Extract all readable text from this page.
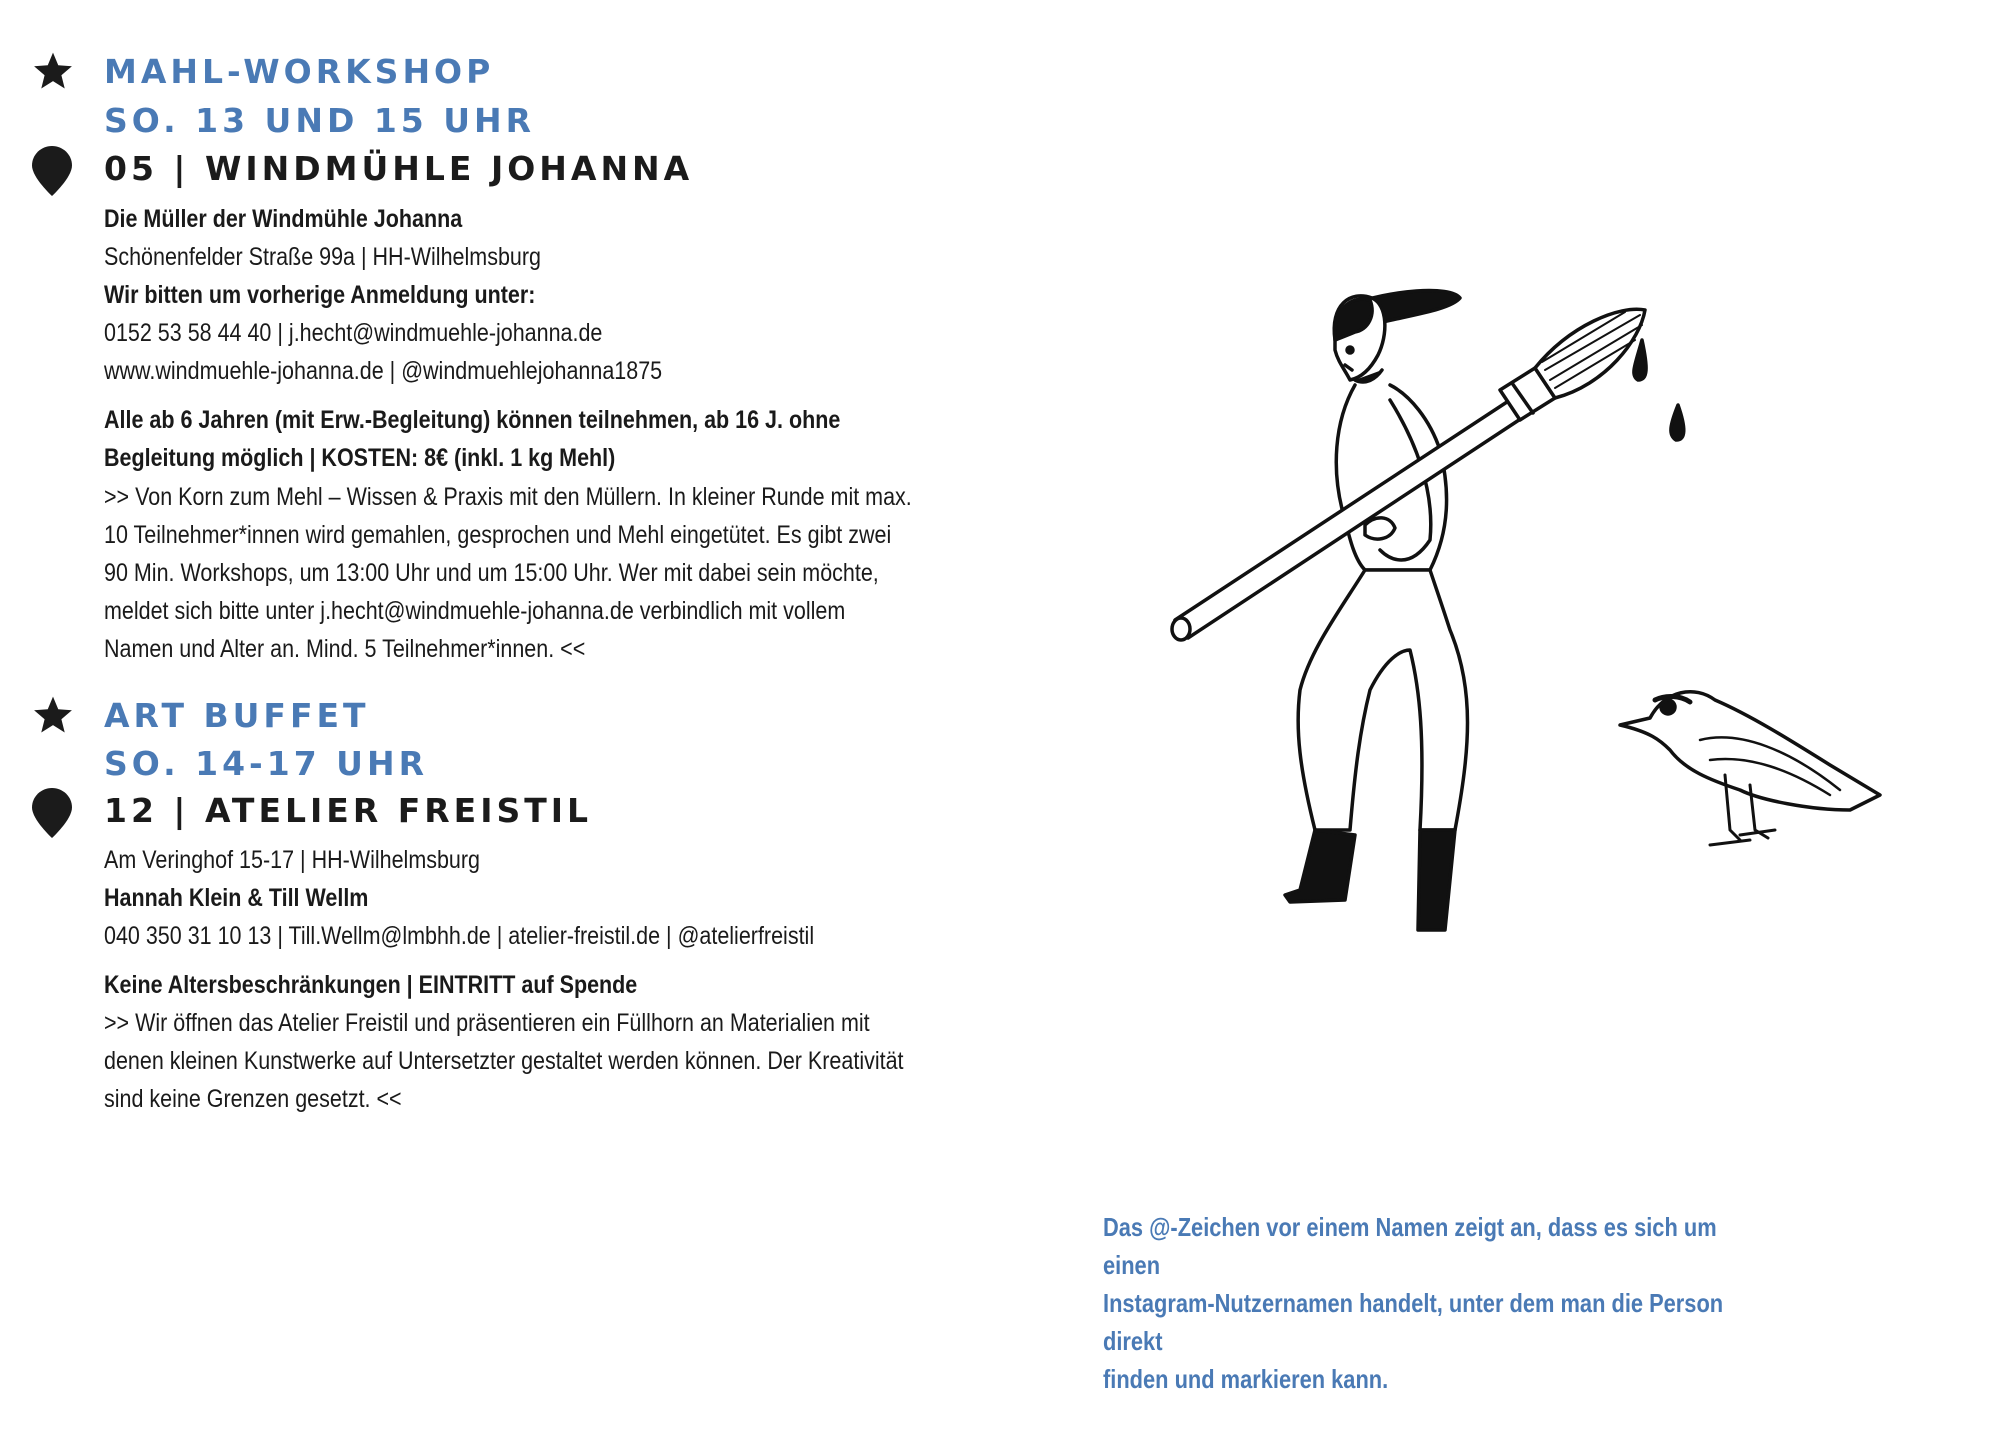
MAHL-WORKSHOP
SO. 13 UND 15 UHR
05 | WINDMÜHLE JOHANNA
Die Müller der Windmühle Johanna
Schönenfelder Straße 99a | HH-Wilhelmsburg
Wir bitten um vorherige Anmeldung unter:
0152 53 58 44 40 | j.hecht@windmuehle-johanna.de
www.windmuehle-johanna.de | @windmuehlejohanna1875
Alle ab 6 Jahren (mit Erw.-Begleitung) können teilnehmen, ab 16 J. ohne
Begleitung möglich | KOSTEN: 8€ (inkl. 1 kg Mehl)
>> Von Korn zum Mehl – Wissen & Praxis mit den Müllern. In kleiner Runde mit max.
10 Teilnehmer*innen wird gemahlen, gesprochen und Mehl eingetütet. Es gibt zwei
90 Min. Workshops, um 13:00 Uhr und um 15:00 Uhr. Wer mit dabei sein möchte,
meldet sich bitte unter j.hecht@windmuehle-johanna.de verbindlich mit vollem
Namen und Alter an. Mind. 5 Teilnehmer*innen. <<
ART BUFFET
SO. 14-17 UHR
12 | ATELIER FREISTIL
Am Veringhof 15-17 | HH-Wilhelmsburg
Hannah Klein & Till Wellm
040 350 31 10 13 | Till.Wellm@lmbhh.de | atelier-freistil.de | @atelierfreistil
Keine Altersbeschränkungen | EINTRITT auf Spende
>> Wir öffnen das Atelier Freistil und präsentieren ein Füllhorn an Materialien mit
denen kleinen Kunstwerke auf Untersetzter gestaltet werden können. Der Kreativität
sind keine Grenzen gesetzt. <<
Das @-Zeichen vor einem Namen zeigt an, dass es sich um einen
Instagram-Nutzernamen handelt, unter dem man die Person direkt
finden und markieren kann.
